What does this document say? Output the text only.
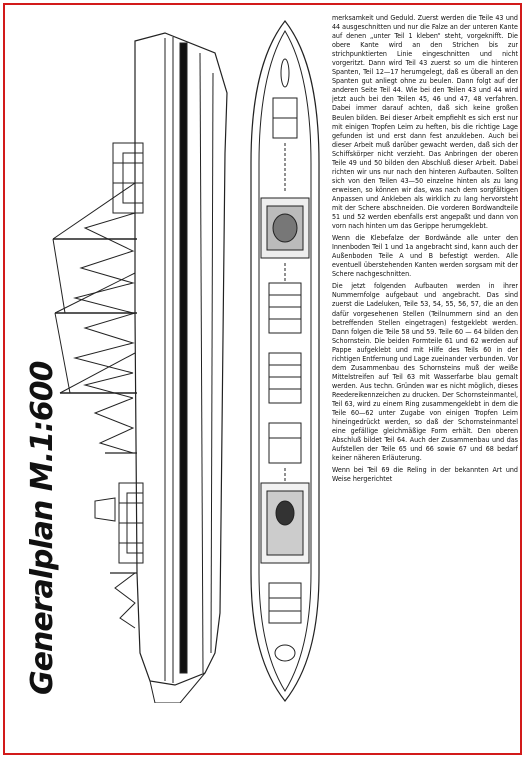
Generalplan M.1:600

merksamkeit und Geduld. Zuerst werden die Teile 43 und 44 ausgeschnitten und nur die Falze an der unteren Kante auf denen „unter Teil 1 kleben“ steht, vorgeknifft. Die obere Kante wird an den Strichen bis zur strichpunktierten Linie eingeschnitten und nicht vorgeritzt. Dann wird Teil 43 zuerst so um die hinteren Spanten, Teil 12—17 herumgelegt, daß es überall an den Spanten gut anliegt ohne zu beulen. Dann folgt auf der anderen Seite Teil 44. Wie bei den Teilen 43 und 44 wird jetzt auch bei den Teilen 45, 46 und 47, 48 verfahren. Dabei immer darauf achten, daß sich keine großen Beulen bilden. Bei dieser Arbeit empfiehlt es sich erst nur mit einigen Tropfen Leim zu heften, bis die richtige Lage gefunden ist und erst dann fest anzukleben. Auch bei dieser Arbeit muß darüber gewacht werden, daß sich der Schiffskörper nicht verzieht. Das Anbringen der oberen Teile 49 und 50 bilden den Abschluß dieser Arbeit. Dabei richten wir uns nur nach den hinteren Aufbauten. Sollten sich von den Teilen 43—50 einzelne hinten als zu lang erweisen, so können wir das, was nach dem sorgfältigen Anpassen und Ankleben als wirklich zu lang hervorsteht mit der Schere abschneiden. Die vorderen Bordwandteile 51 und 52 werden ebenfalls erst angepaßt und dann von vorn nach hinten um das Gerippe herumgeklebt.

Wenn die Klebefalze der Bordwände alle unter den Innenboden Teil 1 und 1a angebracht sind, kann auch der Außenboden Teile A und B befestigt werden. Alle eventuell überstehenden Kanten werden sorgsam mit der Schere nachgeschnitten.

Die jetzt folgenden Aufbauten werden in ihrer Nummernfolge aufgebaut und angebracht. Das sind zuerst die Ladeluken, Teile 53, 54, 55, 56, 57, die an den dafür vorgesehenen Stellen (Teilnummern sind an den betreffenden Stellen eingetragen) festgeklebt werden. Dann folgen die Teile 58 und 59. Teile 60 — 64 bilden den Schornstein. Die beiden Formteile 61 und 62 werden auf Pappe aufgeklebt und mit Hilfe des Teils 60 in der richtigen Entfernung und Lage zueinander verbunden. Vor dem Zusammenbau des Schornsteins muß der weiße Mittelstreifen auf Teil 63 mit Wasserfarbe blau gemalt werden. Aus techn. Gründen war es nicht möglich, dieses Reedereikennzeichen zu drucken. Der Schornsteinmantel, Teil 63, wird zu einem Ring zusammengeklebt in dem die Teile 60—62 unter Zugabe von einigen Tropfen Leim hineingedrückt werden, so daß der Schornsteinmantel eine gefällige gleichmäßige Form erhält. Den oberen Abschluß bildet Teil 64. Auch der Zusammenbau und das Aufstellen der Teile 65 und 66 sowie 67 und 68 bedarf keiner näheren Erläuterung.

Wenn bei Teil 69 die Reling in der bekannten Art und Weise hergerichtet
